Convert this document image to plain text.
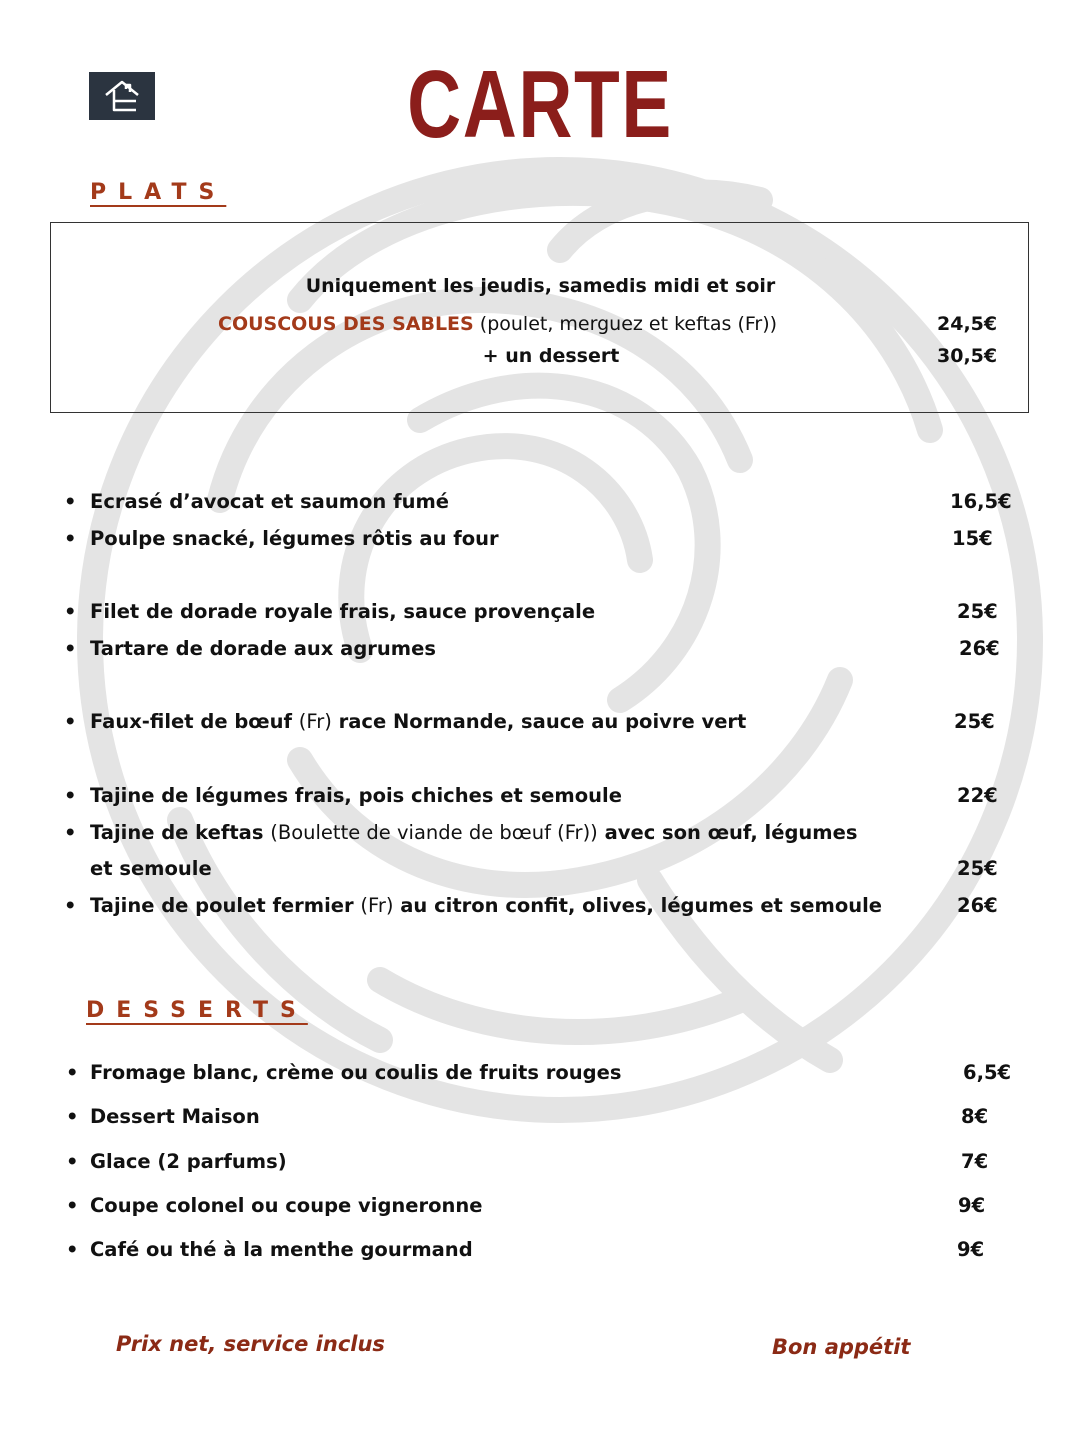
CARTE
PLATS
Uniquement les jeudis, samedis midi et soir
COUSCOUS DES SABLES (poulet, merguez et keftas (Fr))	24,5€
+ un dessert	30,5€
• Ecrasé d’avocat et saumon fumé	16,5€
• Poulpe snacké, légumes rôtis au four	15€
• Filet de dorade royale frais, sauce provençale	25€
• Tartare de dorade aux agrumes	26€
• Faux-filet de bœuf (Fr) race Normande, sauce au poivre vert	25€
• Tajine de légumes frais, pois chiches et semoule	22€
• Tajine de keftas (Boulette de viande de bœuf (Fr)) avec son œuf, légumes
et semoule	25€
• Tajine de poulet fermier (Fr) au citron confit, olives, légumes et semoule	26€
DESSERTS
• Fromage blanc, crème ou coulis de fruits rouges	6,5€
• Dessert Maison	8€
• Glace (2 parfums)	7€
• Coupe colonel ou coupe vigneronne	9€
• Café ou thé à la menthe gourmand	9€
Prix net, service inclus	Bon appétit
